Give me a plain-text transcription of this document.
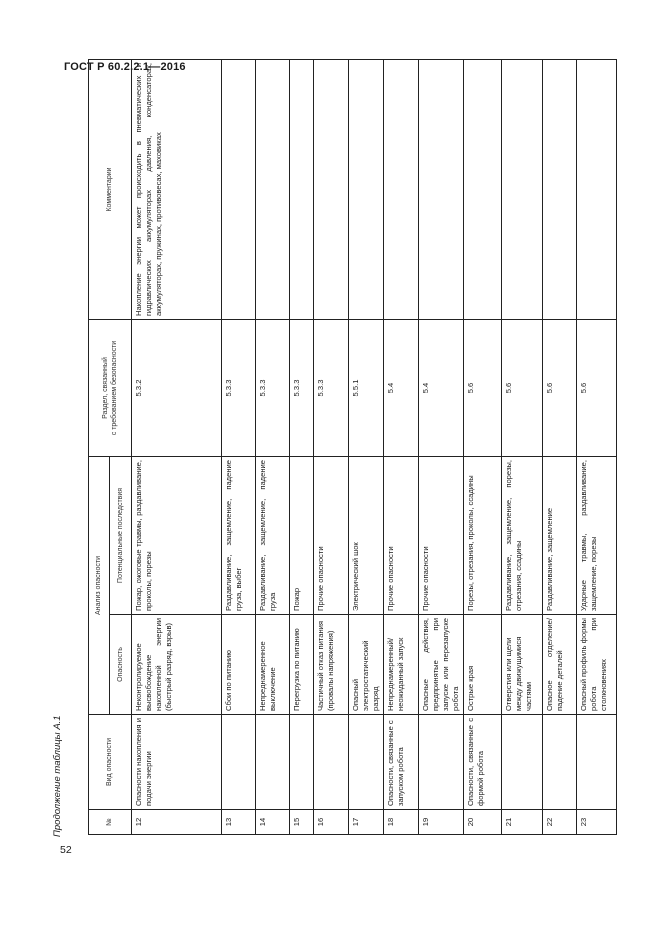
ГОСТ Р 60.2.2.1—2016
Продолжение таблицы А.1	№	Вид опасности	Анализ опасности		Раздел, связанный с требованием безопасности	Комментарии
		Опасность	Потенциальные последствия		
12	Опасности накопления и подачи энергии	Неконтролируемое высвобождение накопленной энергии (быстрый разряд, взрыв)	Пожар, ожоговые травмы, раздавливание, проколы, порезы	5.3.2	Накопление энергии может происходить в пневматических и гидравлических аккумуляторах давления, конденсаторах, аккумуляторах, пружинах, противовесах, маховиках
13		Сбои по питанию	Раздавливание, защемление, падение груза, выбег	5.3.3	
14		Непреднамеренное выключение	Раздавливание, защемление, падение груза	5.3.3	
15		Перегрузка по питанию	Пожар	5.3.3	
16		Частичный отказ питания (провалы напряжения)	Прочие опасности	5.3.3	
17		Опасный электростатический разряд	Электрический шок	5.5.1	
18	Опасности, связанные с запуском робота	Непреднамеренный/неожиданный запуск	Прочие опасности	5.4	
19		Опасные действия, предпринятые при запуске или перезапуске робота	Прочие опасности	5.4	
20	Опасности, связанные с формой робота	Острые края	Порезы, отрезания, проколы, ссадины	5.6	
21		Отверстия или щели между движущимися частями	Раздавливание, защемление, порезы, отрезания, ссадины	5.6	
22		Опасное отделение/падение деталей	Раздавливание, защемление	5.6	
23		Опасный профиль формы робота при столкновениях	Ударные травмы, раздавливание, защемление, порезы	5.6	
52
